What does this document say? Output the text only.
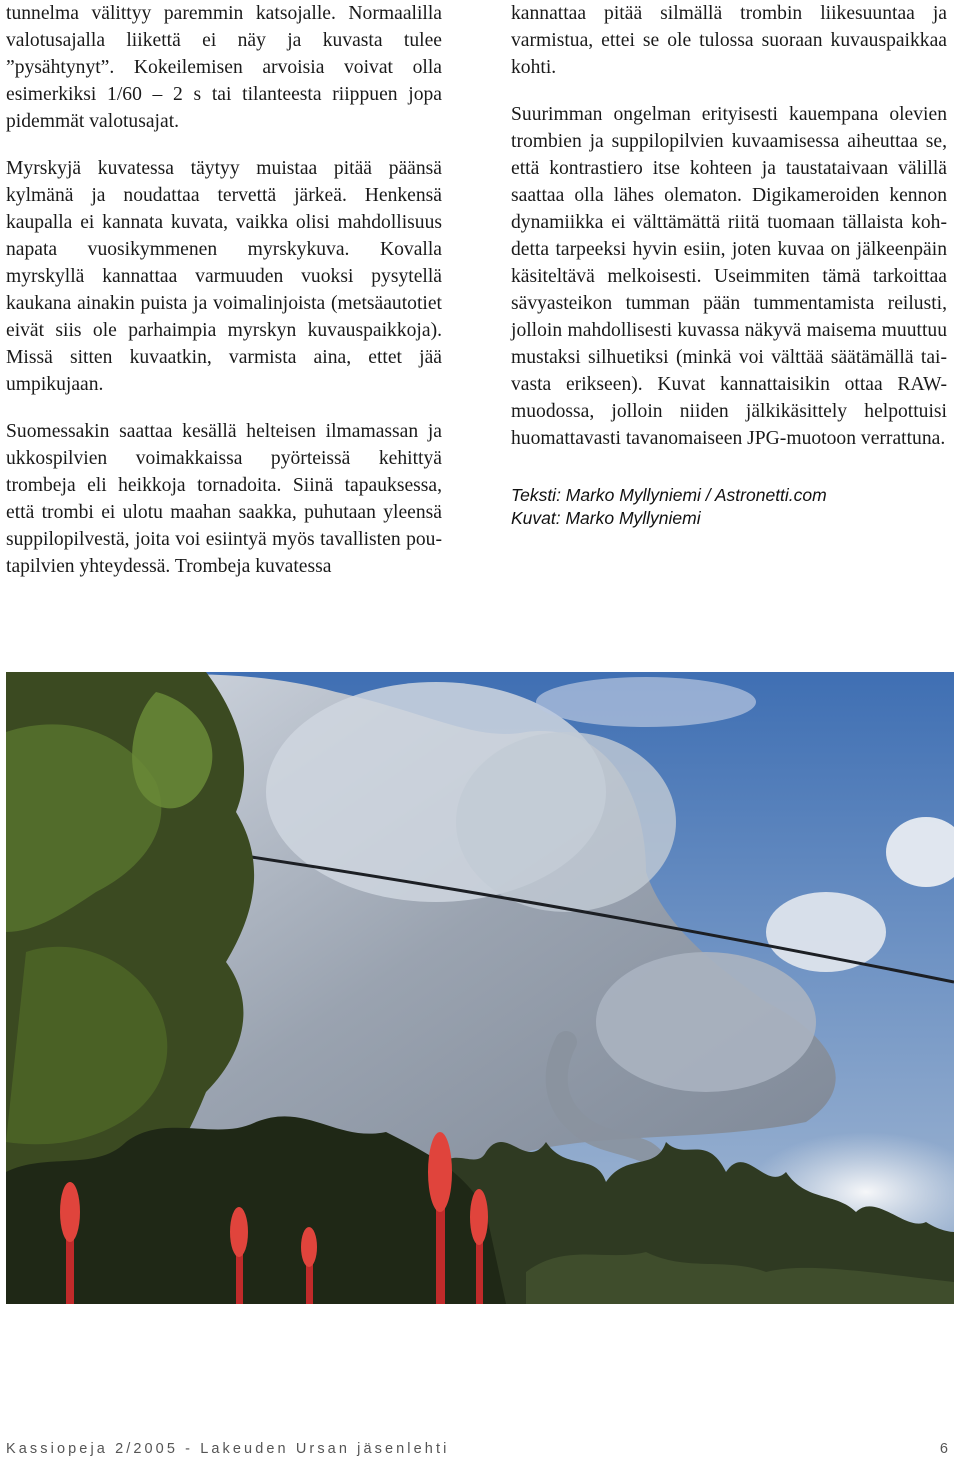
tunnelma välittyy paremmin katsojalle. Normaalilla valotusajalla liikettä ei näy ja kuvasta tulee ”pysähtynyt”. Kokeilemisen arvoisia voivat olla esimerkiksi 1/60 – 2 s tai tilanteesta riippuen jopa pidemmät valotusajat.

Myrskyjä kuvatessa täytyy muistaa pitää päänsä kylmänä ja noudattaa tervettä järkeä. Henkensä kaupalla ei kannata kuvata, vaikka olisi mahdollisuus napata vuosikymmenen myrskykuva. Kovalla myrskyllä kannattaa varmuuden vuoksi pysytellä kaukana ainakin puista ja voimalinjoista (metsäautotiet eivät siis ole parhaimpia myrskyn kuvauspaikkoja). Missä sitten kuvaatkin, varmista aina, ettet jää umpikujaan.

Suomessakin saattaa kesällä helteisen ilmamassan ja ukkospilvien voimakkaissa pyörteissä kehittyä trombeja eli heikkoja tornadoita. Siinä tapauksessa, että trombi ei ulotu maahan saakka, puhutaan yleensä suppilopilvestä, joita voi esiintyä myös tavallisten poutapilvien yhteydessä. Trombeja kuvatessa

kannattaa pitää silmällä trombin liikesuuntaa ja varmistua, ettei se ole tulossa suoraan kuvauspaikkaa kohti.

Suurimman ongelman erityisesti kauempana olevien trombien ja suppilopilvien kuvaamisessa aiheuttaa se, että kontrastiero itse kohteen ja taustataivaan välillä saattaa olla lähes olematon. Digikameroiden kennon dynamiikka ei välttämättä riitä tuomaan tällaista kohdetta tarpeeksi hyvin esiin, joten kuvaa on jälkeenpäin käsiteltävä melkoisesti. Useimmiten tämä tarkoittaa sävyasteikon tumman pään tummentamista reilusti, jolloin mahdollisesti kuvassa näkyvä maisema muuttuu mustaksi silhuetiksi (minkä voi välttää säätämällä taivasta erikseen). Kuvat kannattaisikin ottaa RAW-muodossa, jolloin niiden jälkikäsittely helpottuisi huomattavasti tavanomaiseen JPG-muotoon verrattuna.

Teksti: Marko Myllyniemi / Astronetti.com
Kuvat: Marko Myllyniemi
Kassiopeja 2/2005 - Lakeuden Ursan jäsenlehti	6
